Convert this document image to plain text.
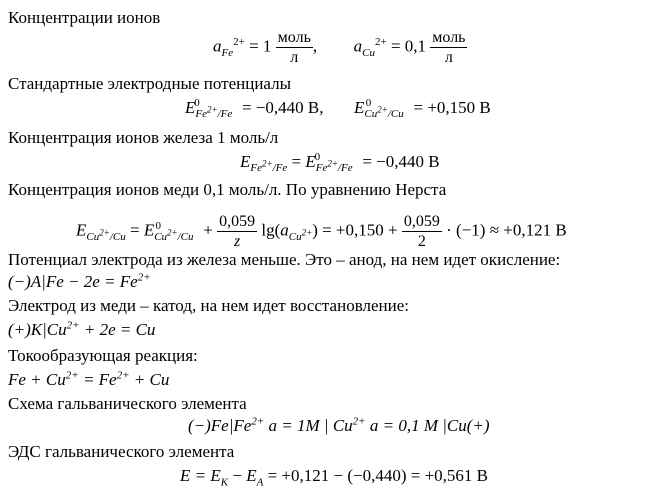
Концентрации ионов
$a_{Fe}^{2+} = 1 \frac{\text{моль}}{л}$ ,  $a_{Cu}^{2+} = 0,1 \frac{\text{моль}}{л}$
Стандартные электродные потенциалы
$E_{Fe^{2+}/Fe}^0 = -0,440$ В, $E_{Cu^{2+}/Cu}^0 = +0,150$ В
Концентрация ионов железа 1 моль/л
$E_{Fe^{2+}/Fe} = E_{Fe^{2+}/Fe}^0 = -0,440$ В
Концентрация ионов меди 0,1 моль/л. По уравнению Нерста
$E_{Cu^{2+}/Cu} = E_{Cu^{2+}/Cu}^0 + \frac{0,059}{z} \lg(a_{Cu^{2+}}) = +0,150 + \frac{0,059}{2} \cdot (-1) \approx +0,121$ В
Потенциал электрода из железа меньше. Это – анод, на нем идет окисление:
$(-)A|Fe - 2e = Fe^{2+}$
Электрод из меди – катод, на нем идет восстановление:
$(+)K|Cu^{2+} + 2e = Cu$
Токообразующая реакция:
$Fe + Cu^{2+} = Fe^{2+} + Cu$
Схема гальванического элемента
$(-)Fe|Fe^{2+}$ a = 1M | $Cu^{2+}$ a = 0,1 M |Cu(+)
ЭДС гальванического элемента
$E = E_K - E_A = +0,121 - (-0,440) = +0,561$ В
